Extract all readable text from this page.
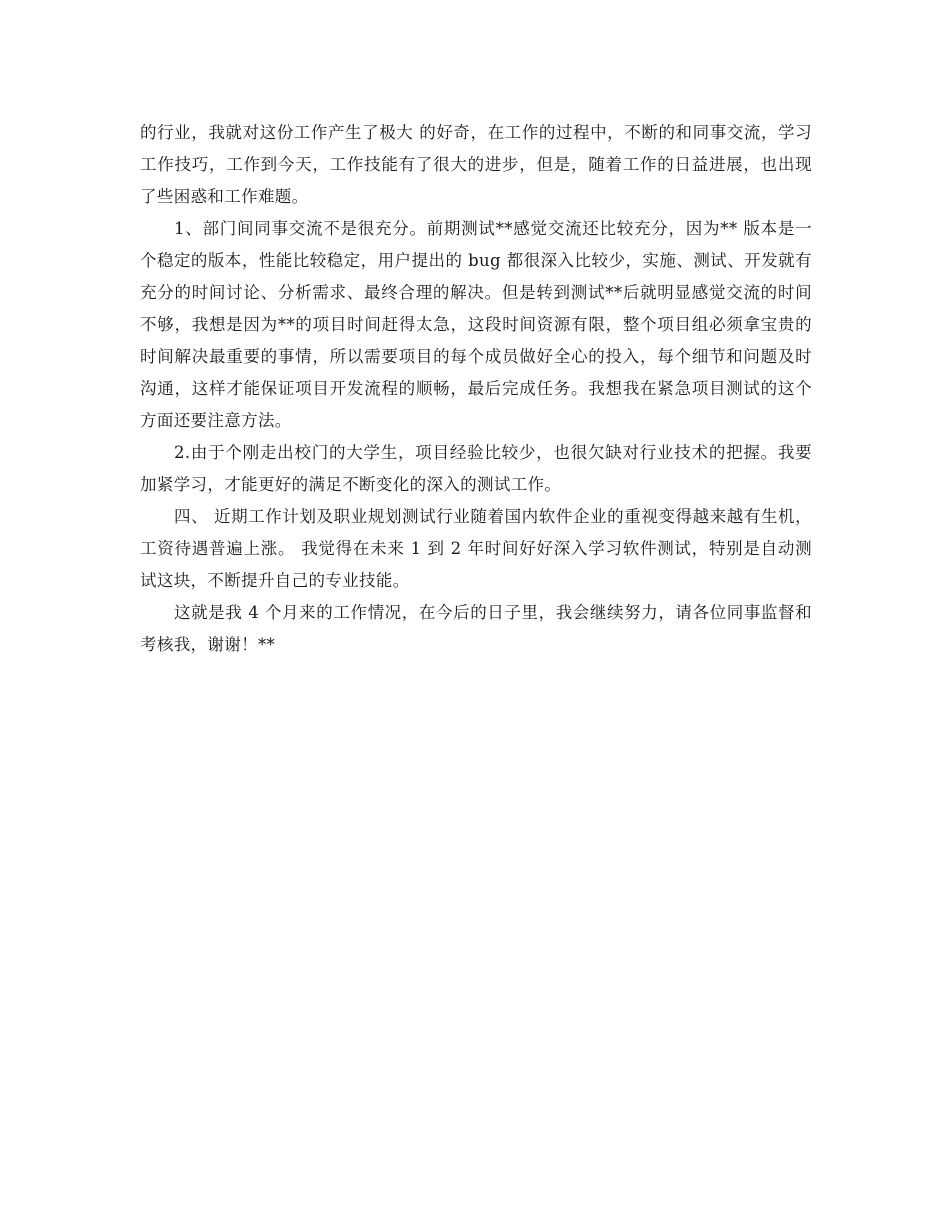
的行业，我就对这份工作产生了极大 的好奇，在工作的过程中，不断的和同事交流，学习工作技巧，工作到今天，工作技能有了很大的进步，但是，随着工作的日益进展，也出现了些困惑和工作难题。

1、部门间同事交流不是很充分。前期测试**感觉交流还比较充分，因为** 版本是一个稳定的版本，性能比较稳定，用户提出的 bug 都很深入比较少，实施、测试、开发就有充分的时间讨论、分析需求、最终合理的解决。但是转到测试**后就明显感觉交流的时间不够，我想是因为**的项目时间赶得太急，这段时间资源有限，整个项目组必须拿宝贵的时间解决最重要的事情，所以需要项目的每个成员做好全心的投入，每个细节和问题及时沟通，这样才能保证项目开发流程的顺畅，最后完成任务。我想我在紧急项目测试的这个方面还要注意方法。

2.由于个刚走出校门的大学生，项目经验比较少，也很欠缺对行业技术的把握。我要加紧学习，才能更好的满足不断变化的深入的测试工作。

四、 近期工作计划及职业规划测试行业随着国内软件企业的重视变得越来越有生机，工资待遇普遍上涨。 我觉得在未来 1 到 2 年时间好好深入学习软件测试，特别是自动测试这块，不断提升自己的专业技能。

这就是我 4 个月来的工作情况，在今后的日子里，我会继续努力，请各位同事监督和考核我，谢谢！**
